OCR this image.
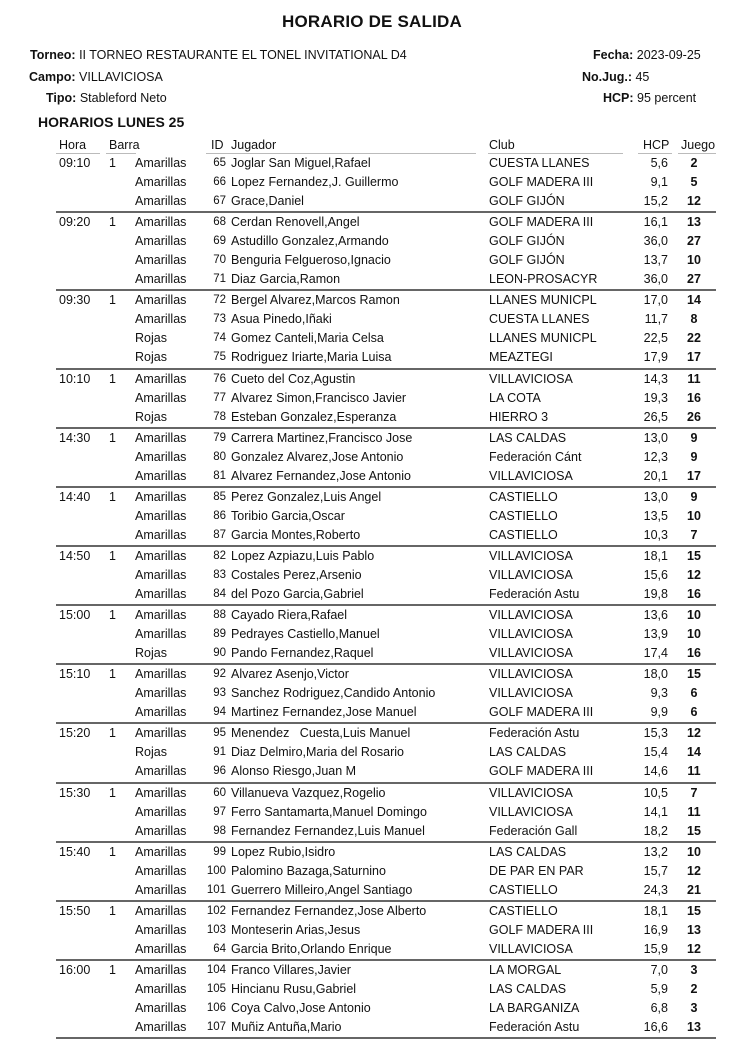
HORARIO DE SALIDA
Torneo: II TORNEO RESTAURANTE EL TONEL INVITATIONAL D4
Campo: VILLAVICIOSA
Tipo: Stableford Neto
Fecha: 2023-09-25
No.Jug.: 45
HCP: 95 percent
HORARIOS LUNES 25
Hora Barra	ID Jugador	Club	HCP Juego
09:10 1 Amarillas	65 Joglar San Miguel,Rafael	CUESTA LLANES	5,6	2
Amarillas	66 Lopez Fernandez,J. Guillermo	GOLF MADERA III	9,1	5
Amarillas	67 Grace,Daniel	GOLF GIJÓN	15,2	12
09:20 1 Amarillas	68 Cerdan Renovell,Angel	GOLF MADERA III	16,1	13
Amarillas	69 Astudillo Gonzalez,Armando	GOLF GIJÓN	36,0	27
Amarillas	70 Benguria Felgueroso,Ignacio	GOLF GIJÓN	13,7	10
Amarillas	71 Diaz Garcia,Ramon	LEON-PROSACYR	36,0	27
09:30 1 Amarillas	72 Bergel Alvarez,Marcos Ramon	LLANES MUNICPL	17,0	14
Amarillas	73 Asua Pinedo,Iñaki	CUESTA LLANES	11,7	8
Rojas	74 Gomez Canteli,Maria Celsa	LLANES MUNICPL	22,5	22
Rojas	75 Rodriguez Iriarte,Maria Luisa	MEAZTEGI	17,9	17
10:10 1 Amarillas	76 Cueto del Coz,Agustin	VILLAVICIOSA	14,3	11
Amarillas	77 Alvarez Simon,Francisco Javier	LA COTA	19,3	16
Rojas	78 Esteban Gonzalez,Esperanza	HIERRO 3	26,5	26
14:30 1 Amarillas	79 Carrera Martinez,Francisco Jose	LAS CALDAS	13,0	9
Amarillas	80 Gonzalez Alvarez,Jose Antonio	Federación Cánt	12,3	9
Amarillas	81 Alvarez Fernandez,Jose Antonio	VILLAVICIOSA	20,1	17
14:40 1 Amarillas	85 Perez Gonzalez,Luis Angel	CASTIELLO	13,0	9
Amarillas	86 Toribio Garcia,Oscar	CASTIELLO	13,5	10
Amarillas	87 Garcia Montes,Roberto	CASTIELLO	10,3	7
14:50 1 Amarillas	82 Lopez Azpiazu,Luis Pablo	VILLAVICIOSA	18,1	15
Amarillas	83 Costales Perez,Arsenio	VILLAVICIOSA	15,6	12
Amarillas	84 del Pozo Garcia,Gabriel	Federación Astu	19,8	16
15:00 1 Amarillas	88 Cayado Riera,Rafael	VILLAVICIOSA	13,6	10
Amarillas	89 Pedrayes Castiello,Manuel	VILLAVICIOSA	13,9	10
Rojas	90 Pando Fernandez,Raquel	VILLAVICIOSA	17,4	16
15:10 1 Amarillas	92 Alvarez Asenjo,Victor	VILLAVICIOSA	18,0	15
Amarillas	93 Sanchez Rodriguez,Candido Antonio	VILLAVICIOSA	9,3	6
Amarillas	94 Martinez Fernandez,Jose Manuel	GOLF MADERA III	9,9	6
15:20 1 Amarillas	95 Menendez   Cuesta,Luis Manuel	Federación Astu	15,3	12
Rojas	91 Diaz Delmiro,Maria del Rosario	LAS CALDAS	15,4	14
Amarillas	96 Alonso Riesgo,Juan M	GOLF MADERA III	14,6	11
15:30 1 Amarillas	60 Villanueva Vazquez,Rogelio	VILLAVICIOSA	10,5	7
Amarillas	97 Ferro Santamarta,Manuel Domingo	VILLAVICIOSA	14,1	11
Amarillas	98 Fernandez Fernandez,Luis Manuel	Federación Gall	18,2	15
15:40 1 Amarillas	99 Lopez Rubio,Isidro	LAS CALDAS	13,2	10
Amarillas 100 Palomino Bazaga,Saturnino	DE PAR EN PAR	15,7	12
Amarillas 101 Guerrero Milleiro,Angel Santiago	CASTIELLO	24,3	21
15:50 1 Amarillas 102 Fernandez Fernandez,Jose Alberto	CASTIELLO	18,1	15
Amarillas 103 Monteserin Arias,Jesus	GOLF MADERA III	16,9	13
Amarillas	64 Garcia Brito,Orlando Enrique	VILLAVICIOSA	15,9	12
16:00 1 Amarillas 104 Franco Villares,Javier	LA MORGAL	7,0	3
Amarillas 105 Hincianu Rusu,Gabriel	LAS CALDAS	5,9	2
Amarillas 106 Coya Calvo,Jose Antonio	LA BARGANIZA	6,8	3
Amarillas 107 Muñiz Antuña,Mario	Federación Astu	16,6	13
